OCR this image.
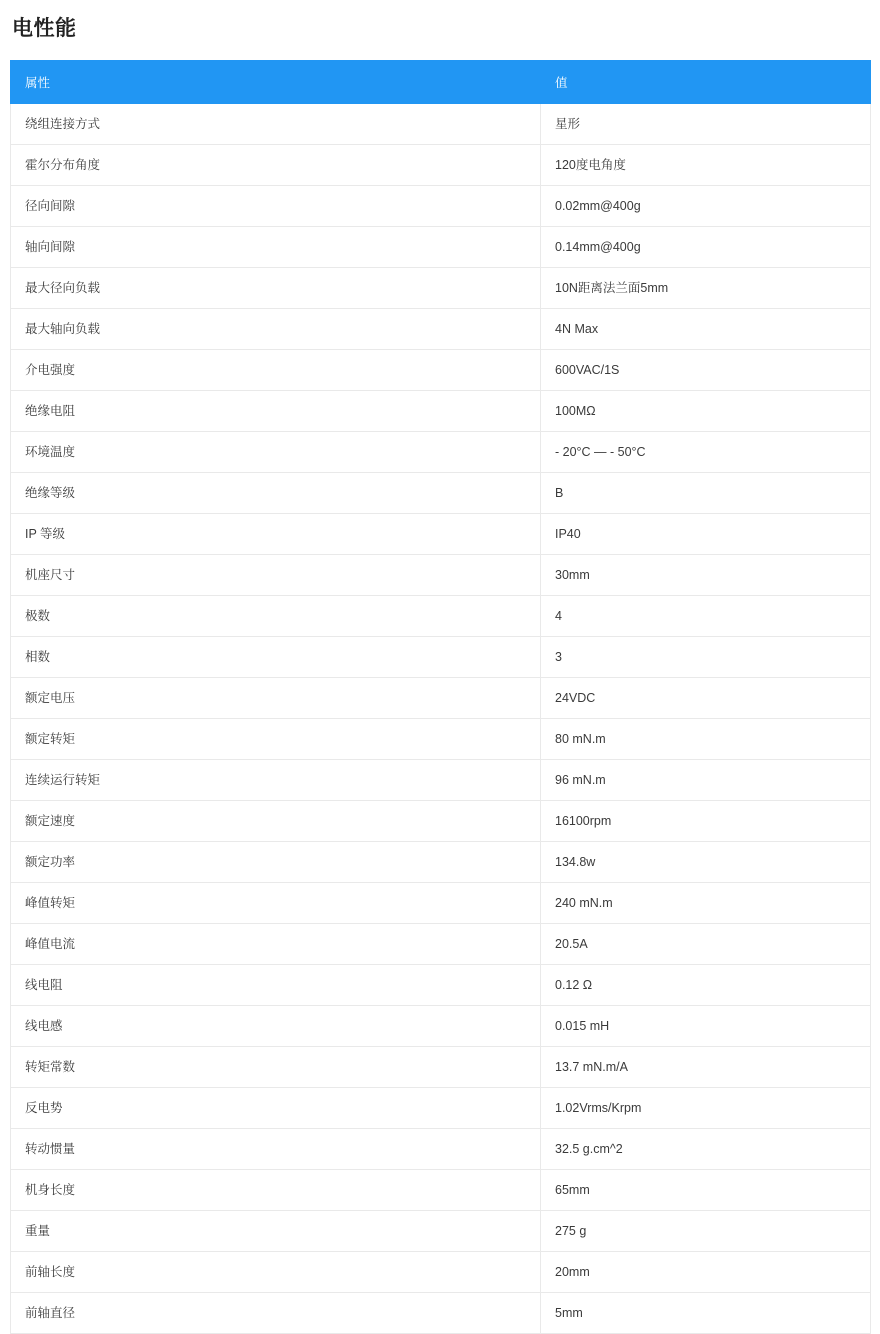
电性能
属性	值
绕组连接方式	星形
霍尔分布角度	120度电角度
径向间隙	0.02mm@400g
轴向间隙	0.14mm@400g
最大径向负载	10N距离法兰面5mm
最大轴向负载	4N Max
介电强度	600VAC/1S
绝缘电阻	100MΩ
环境温度	‐ 20°C — ‐ 50°C
绝缘等级	B
IP 等级	IP40
机座尺寸	30mm
极数	4
相数	3
额定电压	24VDC
额定转矩	80 mN.m
连续运行转矩	96 mN.m
额定速度	16100rpm
额定功率	134.8w
峰值转矩	240 mN.m
峰值电流	20.5A
线电阻	0.12 Ω
线电感	0.015 mH
转矩常数	13.7 mN.m/A
反电势	1.02Vrms/Krpm
转动惯量	32.5 g.cm^2
机身长度	65mm
重量	275 g
前轴长度	20mm
前轴直径	5mm
